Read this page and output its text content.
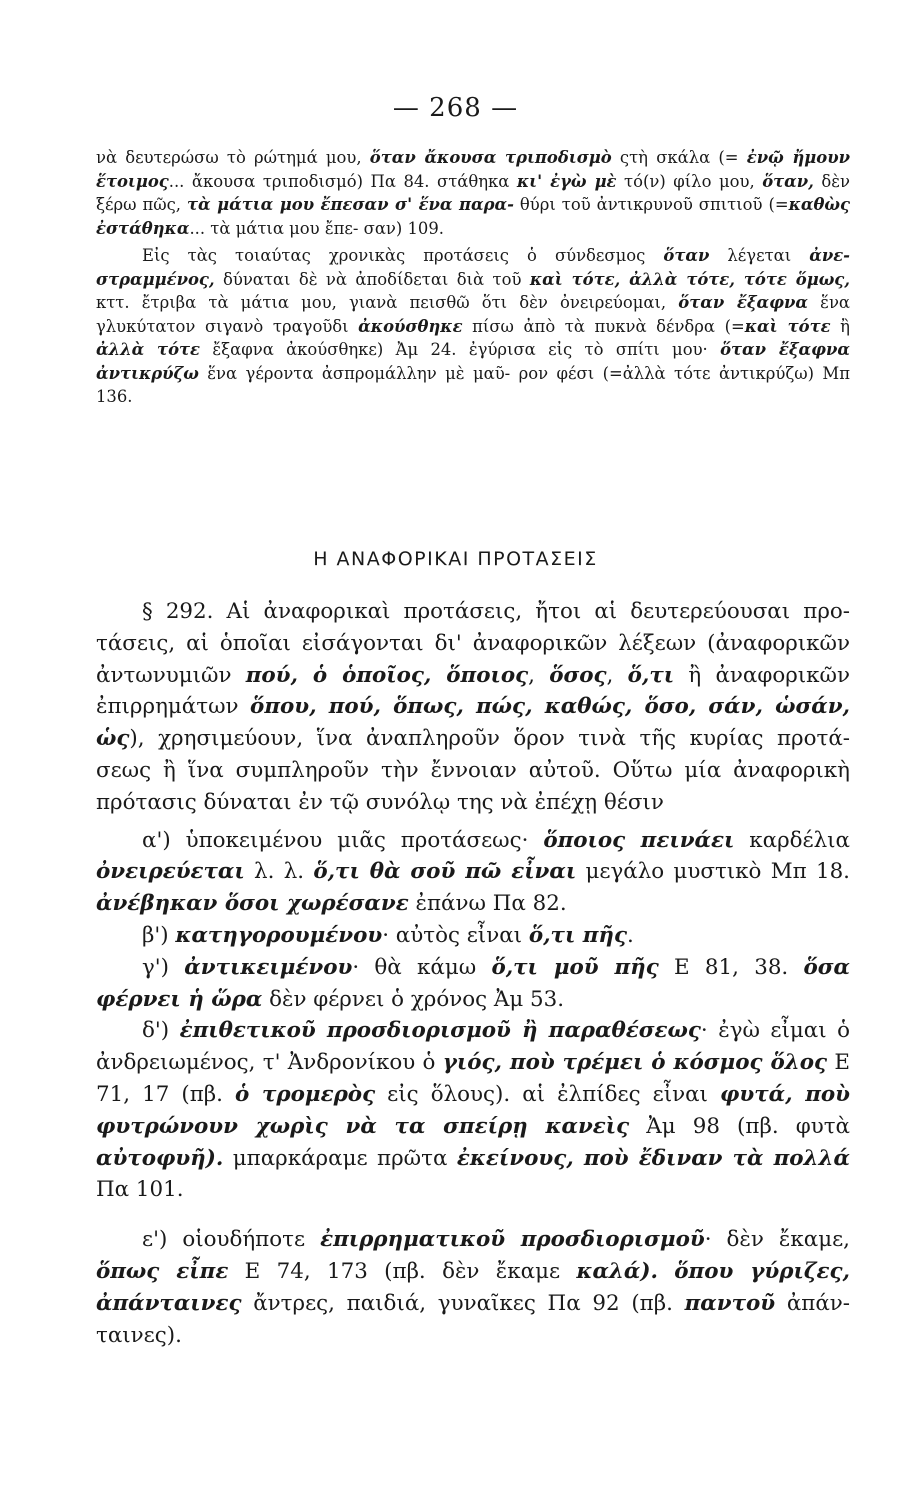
— 268 —

νὰ δευτερώσω τὸ ρώτημά μου, ὅταν ἄκουσα τριποδισμὸ ςτὴ σκάλα (= ἐνῷ ἤμουν ἕτοιμος... ἄκουσα τριποδισμό) Πα 84. στάθηκα κι' ἐγὼ μὲ τό(ν) φίλο μου, ὅταν, δὲν ξέρω πῶς, τὰ μάτια μου ἔπεσαν σ' ἕνα παρα- θύρι τοῦ ἀντικρυνοῦ σπιτιοῦ (=καθὼς ἐστάθηκα... τὰ μάτια μου ἔπε- σαν) 109.

Εἰς τὰς τοιαύτας χρονικὰς προτάσεις ὁ σύνδεσμος ὅταν λέγεται ἀνε- στραμμένος, δύναται δὲ νὰ ἀποδίδεται διὰ τοῦ καὶ τότε, ἀλλὰ τότε, τότε ὅμως, κττ. ἔτριβα τὰ μάτια μου, γιανὰ πεισθῶ ὅτι δὲν ὀνειρεύομαι, ὅταν ἔξαφνα ἕνα γλυκύτατον σιγανὸ τραγοῦδι ἀκούσθηκε πίσω ἀπὸ τὰ πυκνὰ δένδρα (=καὶ τότε ἢ ἀλλὰ τότε ἔξαφνα ἀκούσθηκε) Ἀμ 24. ἐγύρισα εἰς τὸ σπίτι μου· ὅταν ἔξαφνα ἀντικρύζω ἕνα γέροντα ἀσπρομάλλην μὲ μαῦ- ρον φέσι (=ἀλλὰ τότε ἀντικρύζω) Μπ 136.

Η ΑΝΑΦΟΡΙΚΑΙ ΠΡΟΤΑΣΕΙΣ

§ 292. Αἱ ἀναφορικαὶ προτάσεις, ἤτοι αἱ δευτερεύουσαι προ- τάσεις, αἱ ὁποῖαι εἰσάγονται δι' ἀναφορικῶν λέξεων (ἀναφορικῶν ἀντωνυμιῶν πού, ὁ ὁποῖος, ὅποιος, ὅσος, ὅ,τι ἢ ἀναφορικῶν ἐπιρρημάτων ὅπου, πού, ὅπως, πώς, καθώς, ὅσο, σάν, ὡσάν, ὡς), χρησιμεύουν, ἵνα ἀναπληροῦν ὅρον τινὰ τῆς κυρίας προτά- σεως ἢ ἵνα συμπληροῦν τὴν ἔννοιαν αὐτοῦ. Οὕτω μία ἀναφορικὴ πρότασις δύναται ἐν τῷ συνόλῳ της νὰ ἐπέχῃ θέσιν

α') ὑποκειμένου μιᾶς προτάσεως· ὅποιος πεινάει καρδέλια ὀνειρεύεται λ. λ. ὅ,τι θὰ σοῦ πῶ εἶναι μεγάλο μυστικὸ Μπ 18. ἀνέβηκαν ὅσοι χωρέσανε ἐπάνω Πα 82.

β') κατηγορουμένου· αὐτὸς εἶναι ὅ,τι πῆς.

γ') ἀντικειμένου· θὰ κάμω ὅ,τι μοῦ πῆς Ε 81, 38. ὅσα φέρνει ἡ ὥρα δὲν φέρνει ὁ χρόνος Ἀμ 53.

δ') ἐπιθετικοῦ προσδιορισμοῦ ἢ παραθέσεως· ἐγὼ εἶμαι ὁ ἀνδρειωμένος, τ' Ἀνδρονίκου ὁ γιός, ποὺ τρέμει ὁ κόσμος ὅλος Ε 71, 17 (πβ. ὁ τρομερὸς εἰς ὅλους). αἱ ἐλπίδες εἶναι φυτά, ποὺ φυτρώνουν χωρὶς νὰ τα σπείρῃ κανεὶς Ἀμ 98 (πβ. φυτὰ αὐτοφυῆ). μπαρκάραμε πρῶτα ἐκείνους, ποὺ ἔδιναν τὰ πολλά Πα 101.

ε') οἱουδήποτε ἐπιρρηματικοῦ προσδιορισμοῦ· δὲν ἔκαμε, ὅπως εἶπε Ε 74, 173 (πβ. δὲν ἔκαμε καλά). ὅπου γύριζες, ἀπάνταινες ἄντρες, παιδιά, γυναῖκες Πα 92 (πβ. παντοῦ ἀπάν- ταινες).
